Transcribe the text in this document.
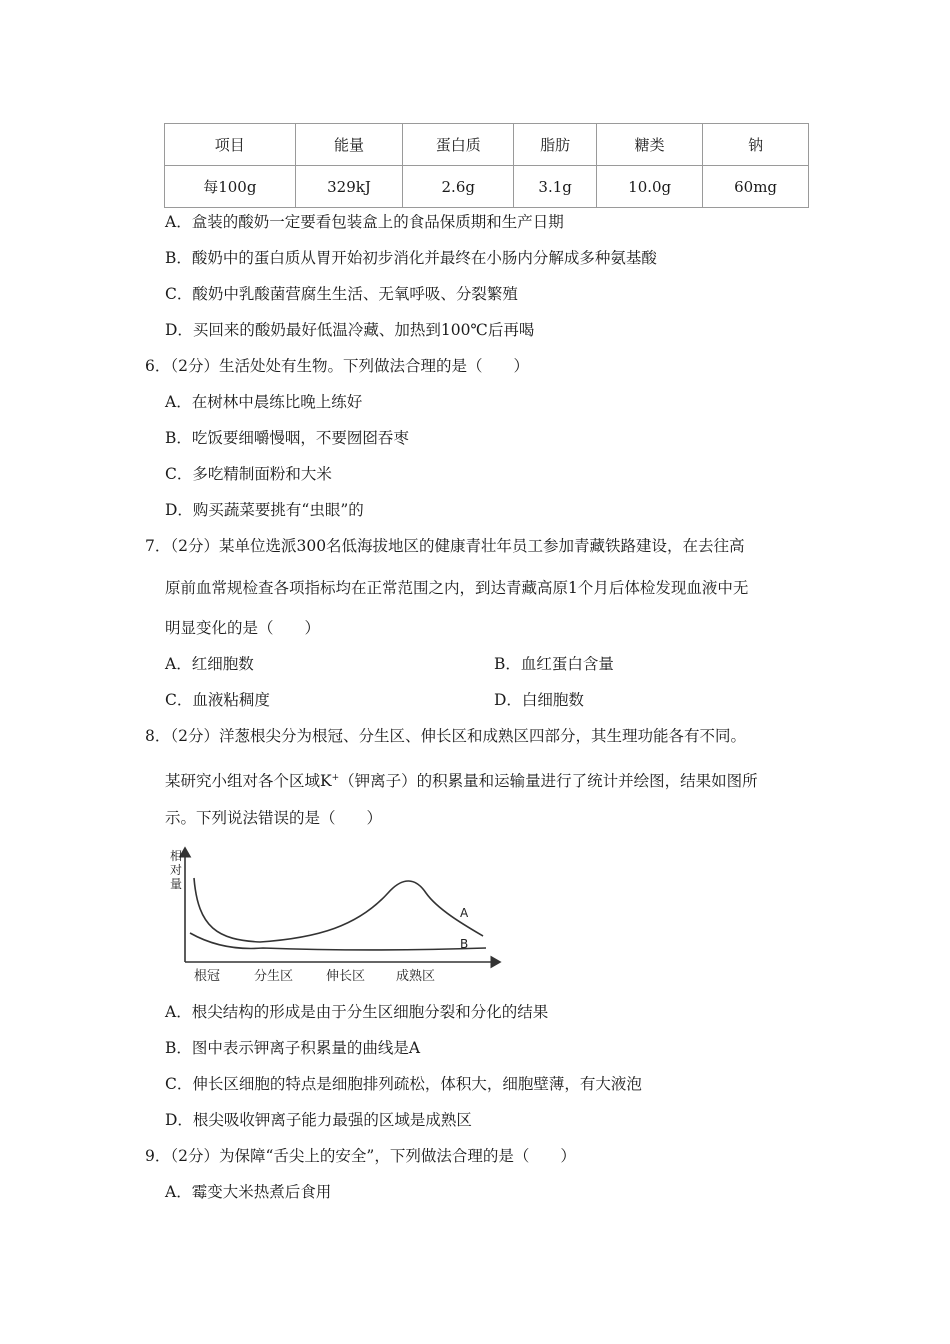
项目	能量	蛋白质	脂肪	糖类	钠
每100g	329kJ	2.6g	3.1g	10.0g	60mg
A．盒装的酸奶一定要看包装盒上的食品保质期和生产日期
B．酸奶中的蛋白质从胃开始初步消化并最终在小肠内分解成多种氨基酸
C．酸奶中乳酸菌营腐生生活、无氧呼吸、分裂繁殖
D．买回来的酸奶最好低温冷藏、加热到100℃后再喝
6．（2分）生活处处有生物。下列做法合理的是（　　）
A．在树林中晨练比晚上练好
B．吃饭要细嚼慢咽，不要囫囵吞枣
C．多吃精制面粉和大米
D．购买蔬菜要挑有“虫眼”的
7．（2分）某单位选派300名低海拔地区的健康青壮年员工参加青藏铁路建设，在去往高
原前血常规检查各项指标均在正常范围之内，到达青藏高原1个月后体检发现血液中无
明显变化的是（　　）
A．红细胞数	B．血红蛋白含量
C．血液粘稠度	D．白细胞数
8．（2分）洋葱根尖分为根冠、分生区、伸长区和成熟区四部分，其生理功能各有不同。
某研究小组对各个区域K+（钾离子）的积累量和运输量进行了统计并绘图，结果如图所
示。下列说法错误的是（　　）
相
对
量
A
B
根冠	分生区	伸长区 成熟区
A．根尖结构的形成是由于分生区细胞分裂和分化的结果
B．图中表示钾离子积累量的曲线是A
C．伸长区细胞的特点是细胞排列疏松，体积大，细胞壁薄，有大液泡
D．根尖吸收钾离子能力最强的区域是成熟区
9．（2分）为保障“舌尖上的安全”，下列做法合理的是（　　）
A．霉变大米热煮后食用
